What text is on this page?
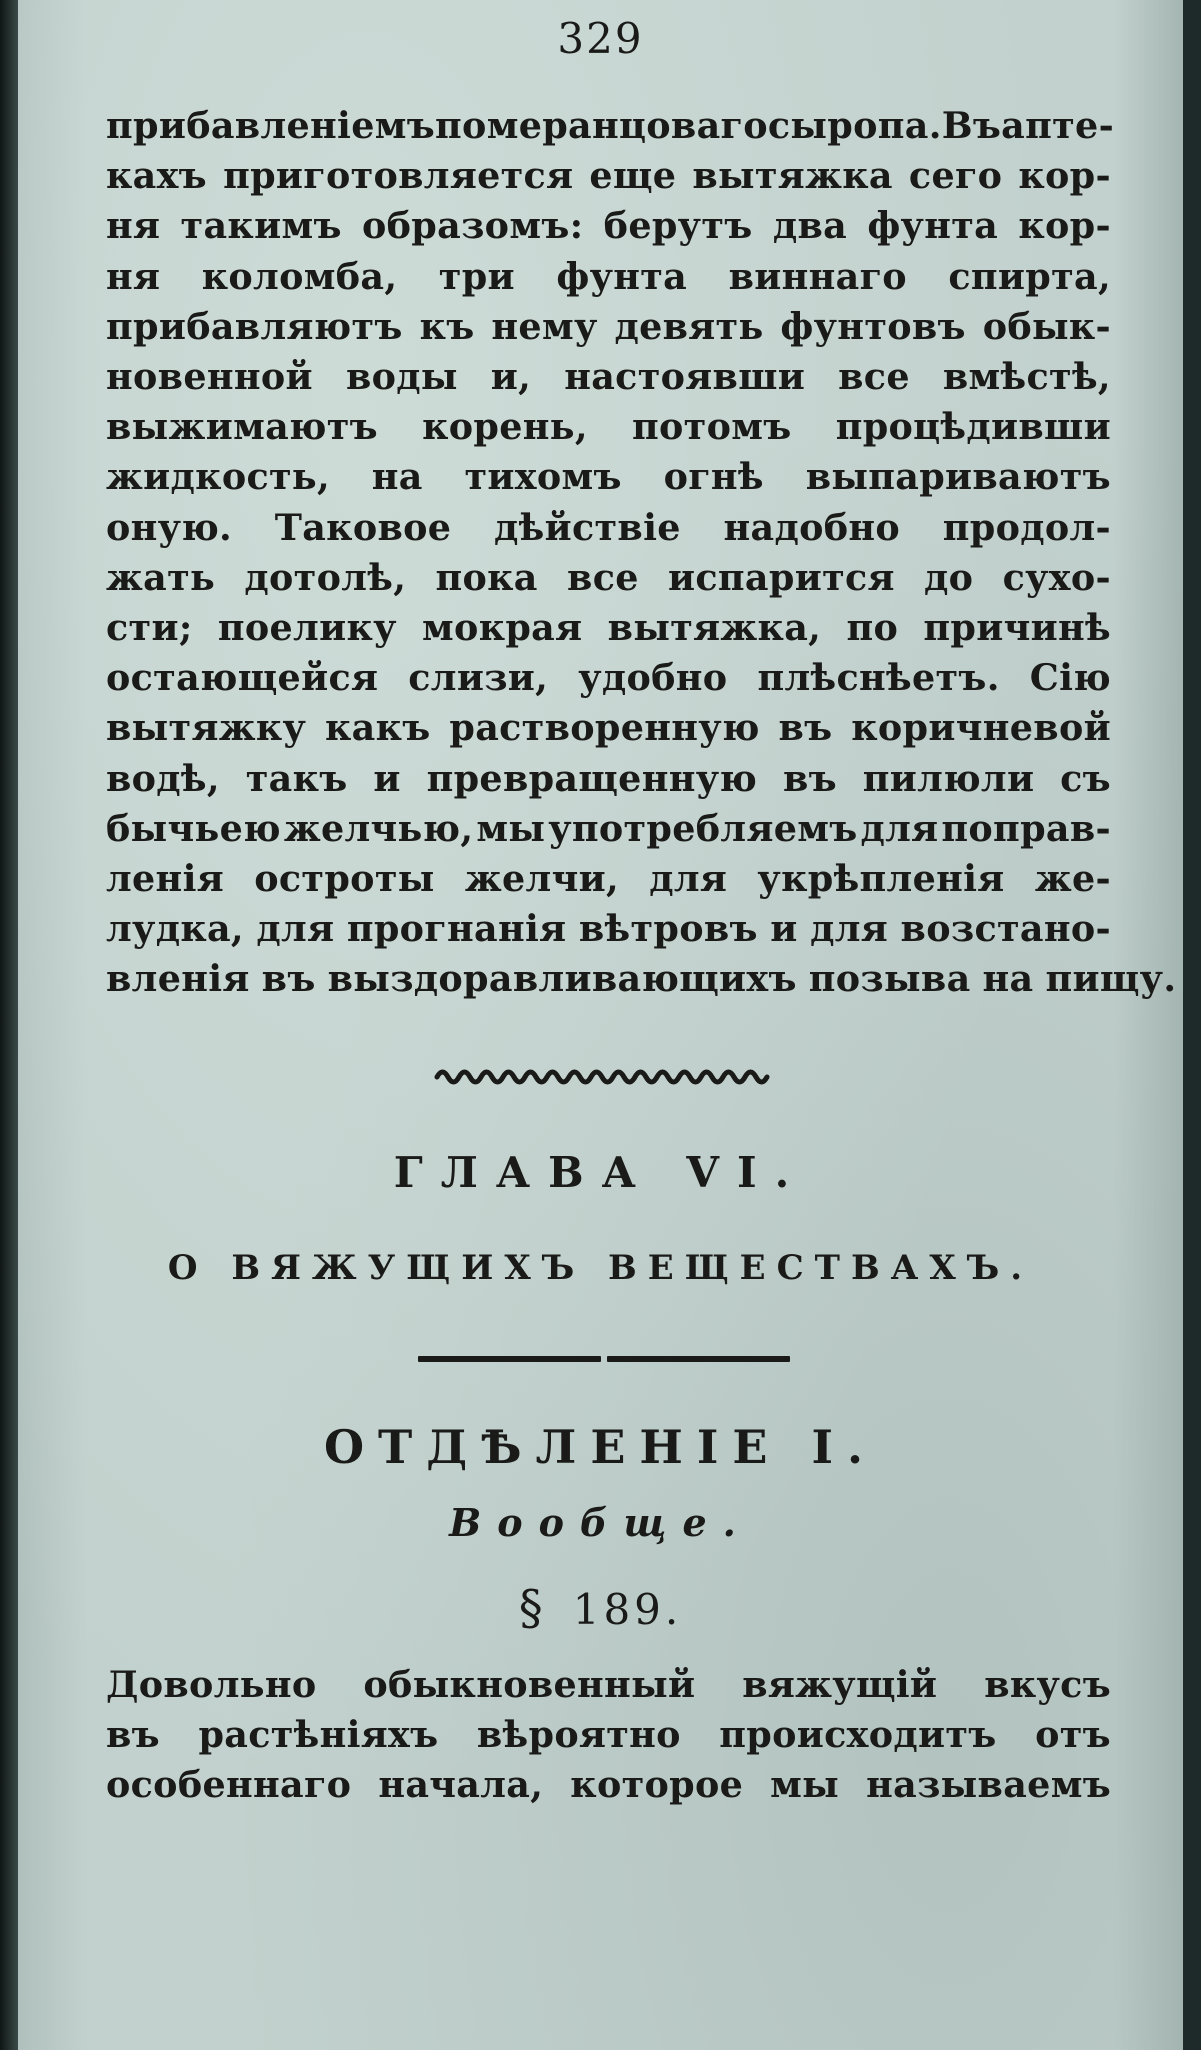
329
прибавленіемъ померанцоваго сыропа. Въ апте-
кахъ приготовляется еще вытяжка сего кор-
ня такимъ образомъ: берутъ два фунта кор-
ня коломба, три фунта виннаго спирта,
прибавляютъ къ нему девять фунтовъ обык-
новенной воды и, настоявши все вмѣстѣ,
выжимаютъ корень, потомъ процѣдивши
жидкость, на тихомъ огнѣ выпариваютъ
оную. Таковое дѣйствіе надобно продол-
жать дотолѣ, пока все испарится до сухо-
сти; поелику мокрая вытяжка, по причинѣ
остающейся слизи, удобно плѣснѣетъ. Сію
вытяжку какъ растворенную въ коричневой
водѣ, такъ и превращенную въ пилюли съ
бычьею желчью, мы употребляемъ для поправ-
ленія остроты желчи, для укрѣпленія же-
лудка, для прогнанія вѣтровъ и для возстано-
вленія въ выздоравливающихъ позыва на пищу.
ГЛАВА VI.
О ВЯЖУЩИХЪ ВЕЩЕСТВАХЪ.
ОТДѢЛЕНІЕ I.
Вообще.
§ 189.
Довольно обыкновенный вяжущій вкусъ
въ растѣніяхъ вѣроятно происходитъ отъ
особеннаго начала, которое мы называемъ
